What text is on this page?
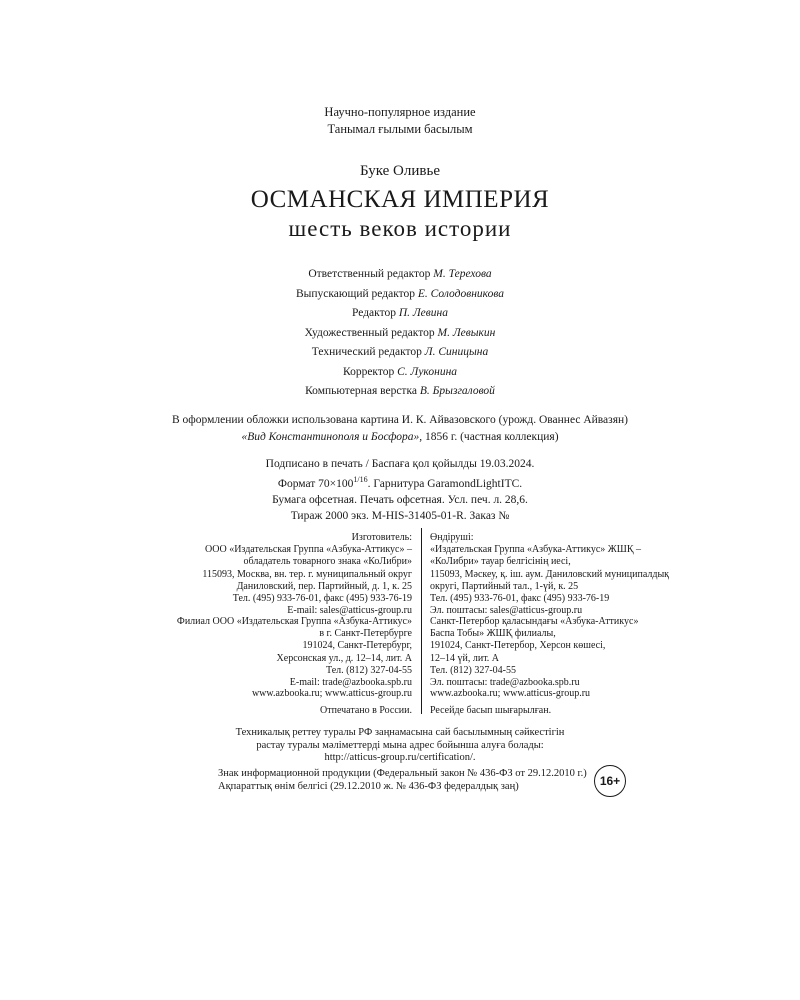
Научно-популярное издание
Танымал ғылыми басылым
Буке Оливье
ОСМАНСКАЯ ИМПЕРИЯ
шесть веков истории
Ответственный редактор М. Терехова
Выпускающий редактор Е. Солодовникова
Редактор П. Левина
Художественный редактор М. Левыкин
Технический редактор Л. Синицына
Корректор С. Луконина
Компьютерная верстка В. Брызгаловой
В оформлении обложки использована картина И. К. Айвазовского (урожд. Ованнес Айвазян)
«Вид Константинополя и Босфора», 1856 г. (частная коллекция)
Подписано в печать / Баспаға қол қойылды 19.03.2024.
Формат $70\times 100^{1/16}$. Гарнитура GaramondLightITC.
Бумага офсетная. Печать офсетная. Усл. печ. л. 28,6.
Тираж 2000 экз. M-HIS-31405-01-R. Заказ №
Изготовитель:
ООО «Издательская Группа «Азбука-Аттикус» –
обладатель товарного знака «КоЛибри»
115093, Москва, вн. тер. г. муниципальный округ
Даниловский, пер. Партийный, д. 1, к. 25
Тел. (495) 933-76-01, факс (495) 933-76-19
E-mail: sales@atticus-group.ru
Филиал ООО «Издательская Группа «Азбука-Аттикус»
в г. Санкт-Петербурге
191024, Санкт-Петербург,
Херсонская ул., д. 12–14, лит. А
Тел. (812) 327-04-55
E-mail: trade@azbooka.spb.ru
www.azbooka.ru; www.atticus-group.ru
Отпечатано в России.
Өндіруші:
«Издательская Группа «Азбука-Аттикус» ЖШҚ –
«КоЛибри» тауар белгісінің иесі,
115093, Мәскеу, қ. іш. аум. Даниловский муниципалдық
округі, Партийный тал., 1-үй, к. 25
Тел. (495) 933-76-01, факс (495) 933-76-19
Эл. поштасы: sales@atticus-group.ru
Санкт-Петербор қаласындағы «Азбука-Аттикус»
Баспа Тобы» ЖШҚ филиалы,
191024, Санкт-Петербор, Херсон көшесі,
12–14 үй, лит. А
Тел. (812) 327-04-55
Эл. поштасы: trade@azbooka.spb.ru
www.azbooka.ru; www.atticus-group.ru
Ресейде басып шығарылған.
Техникалық реттеу туралы РФ заңнамасына сай басылымның сәйкестігін
растау туралы мәліметтерді мына адрес бойынша алуға болады:
http://atticus-group.ru/certification/.
Знак информационной продукции (Федеральный закон № 436-ФЗ от 29.12.2010 г.)
Ақпараттық өнім белгісі (29.12.2010 ж. № 436-ФЗ федералдық заң)	16+
